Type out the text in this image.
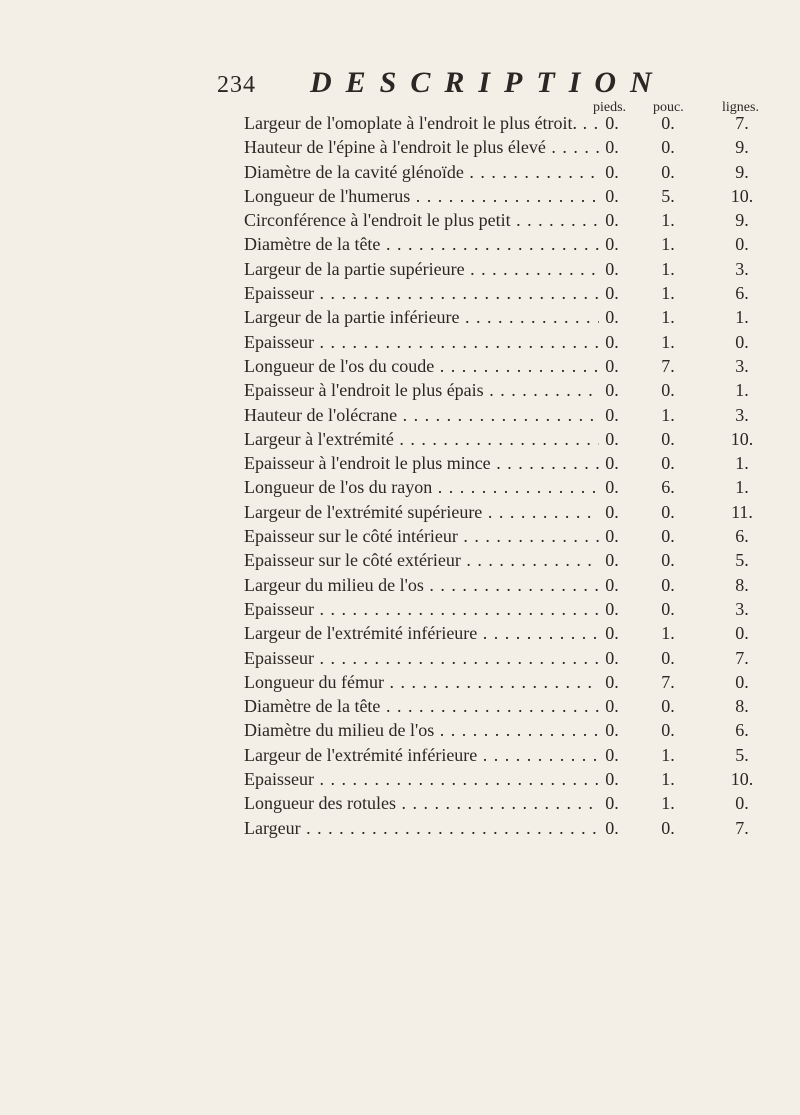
234 DESCRIPTION
pieds. pouc.	lignes.
Largeur de l'omoplate à l'endroit le plus étroit. . . .	0.	0.	7.
Hauteur de l'épine à l'endroit le plus élevé . . .	0.	0.	9.
Diamètre de la cavité glénoïde . . .	0.	0.	9.
Longueur de l'humerus . . .	0.	5.	10.
Circonférence à l'endroit le plus petit . . .	0.	1.	9.
Diamètre de la tête . . .	0.	1.	0.
Largeur de la partie supérieure . . .	0.	1.	3.
Epaisseur . . .	0.	1.	6.
Largeur de la partie inférieure . . .	0.	1.	1.
Epaisseur . . .	0.	1.	0.
Longueur de l'os du coude . . .	0.	7.	3.
Epaisseur à l'endroit le plus épais . . .	0.	0.	1.
Hauteur de l'olécrane . . .	0.	1.	3.
Largeur à l'extrémité . . .	0.	0.	10.
Epaisseur à l'endroit le plus mince . . .	0.	0.	1.
Longueur de l'os du rayon . . .	0.	6.	1.
Largeur de l'extrémité supérieure . . .	0.	0.	11.
Epaisseur sur le côté intérieur . . .	0.	0.	6.
Epaisseur sur le côté extérieur . . .	0.	0.	5.
Largeur du milieu de l'os . . .	0.	0.	8.
Epaisseur . . .	0.	0.	3.
Largeur de l'extrémité inférieure . . .	0.	1.	0.
Epaisseur . . .	0.	0.	7.
Longueur du fémur . . .	0.	7.	0.
Diamètre de la tête . . .	0.	0.	8.
Diamètre du milieu de l'os . . .	0.	0.	6.
Largeur de l'extrémité inférieure . . .	0.	1.	5.
Epaisseur . . .	0.	1.	10.
Longueur des rotules . . .	0.	1.	0.
Largeur . . .	0.	0.	7.
